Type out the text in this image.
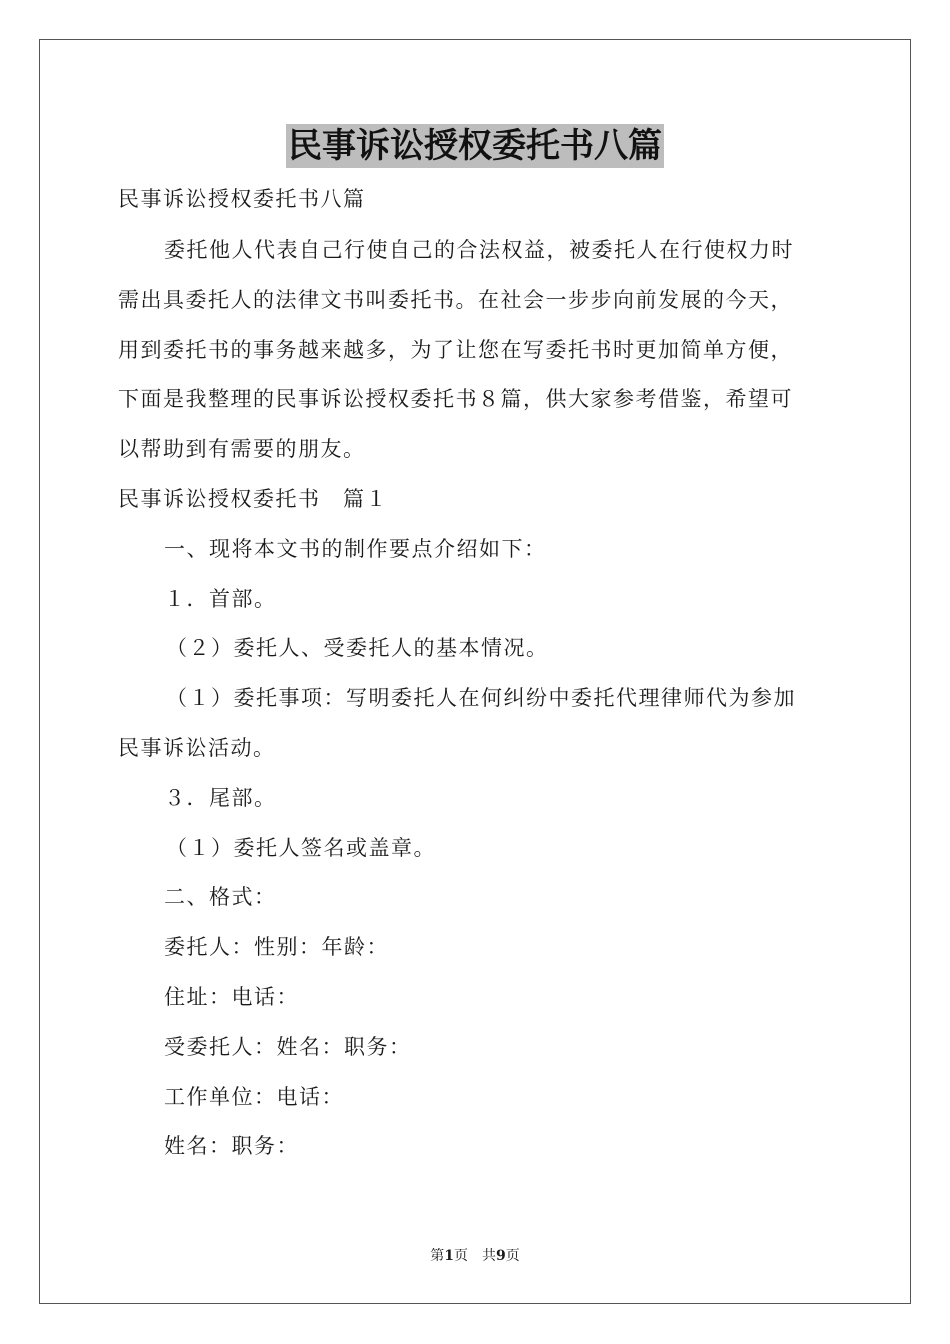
民事诉讼授权委托书八篇
民事诉讼授权委托书八篇
委托他人代表自己行使自己的合法权益，被委托人在行使权力时
需出具委托人的法律文书叫委托书。在社会一步步向前发展的今天，
用到委托书的事务越来越多，为了让您在写委托书时更加简单方便，
下面是我整理的民事诉讼授权委托书８篇，供大家参考借鉴，希望可
以帮助到有需要的朋友。
民事诉讼授权委托书　篇１
一、现将本文书的制作要点介绍如下：
１．首部。
（２）委托人、受委托人的基本情况。
（１）委托事项：写明委托人在何纠纷中委托代理律师代为参加
民事诉讼活动。
３．尾部。
（１）委托人签名或盖章。
二、格式：
委托人：性别：年龄：
住址：电话：
受委托人：姓名：职务：
工作单位：电话：
姓名：职务：
第1页　共9页
